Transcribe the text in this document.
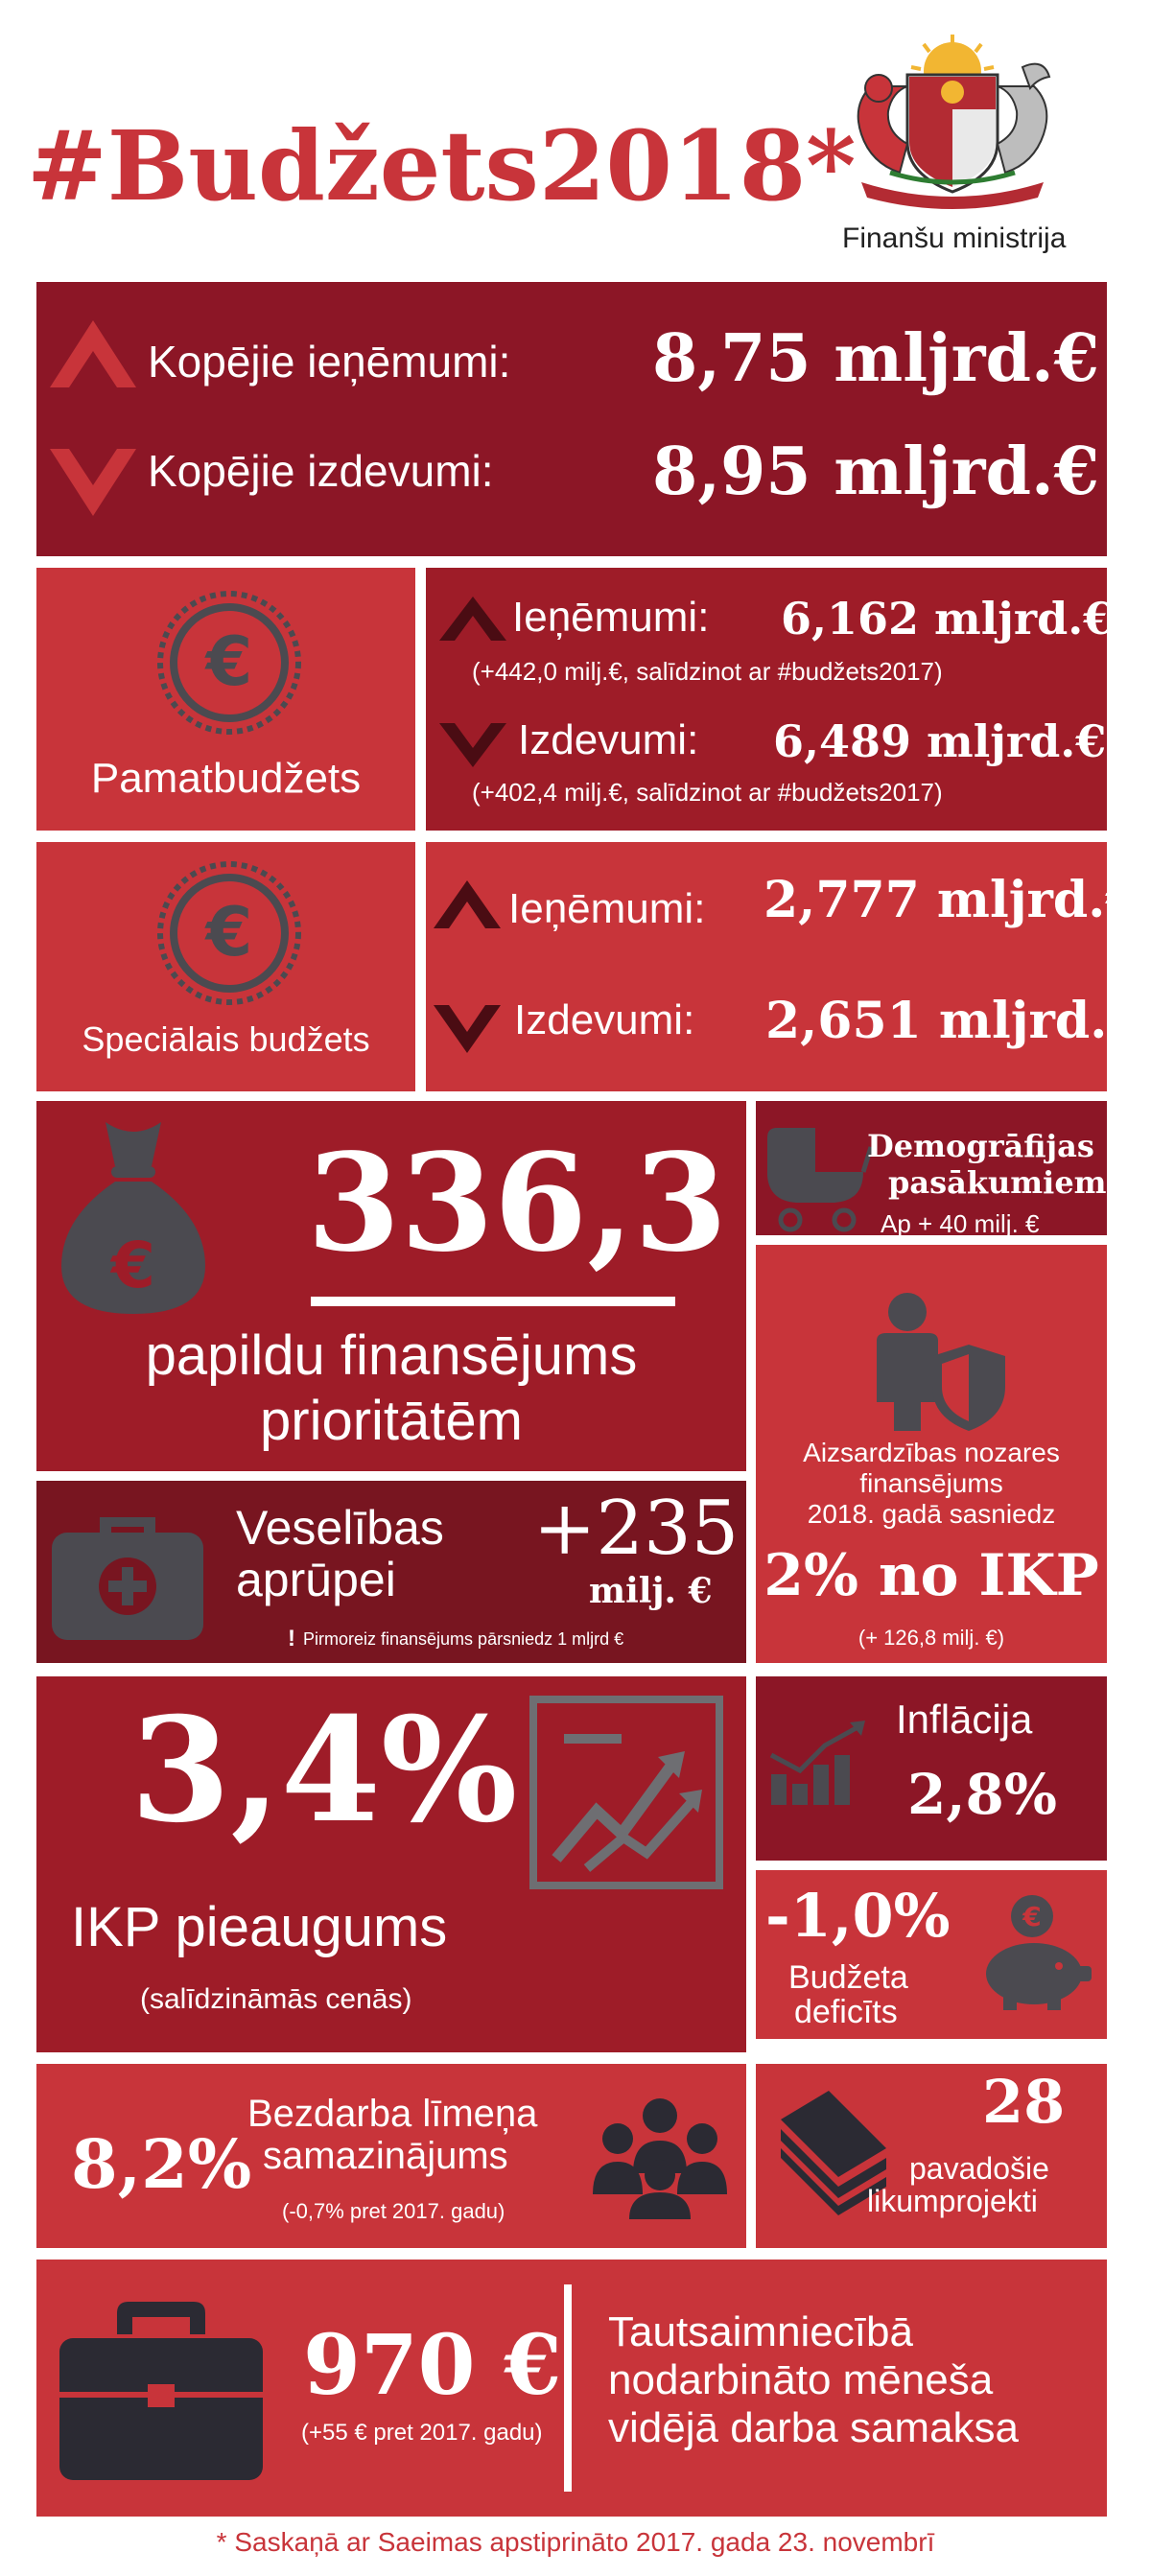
#Budžets2018*
Finanšu ministrija
Kopējie ieņēmumi: 8,75 mljrd.€
Kopējie izdevumi: 8,95 mljrd.€
€
Pamatbudžets
Ieņēmumi: 6,162 mljrd.€
(+442,0 milj.€, salīdzinot ar #budžets2017)
Izdevumi: 6,489 mljrd.€
(+402,4 milj.€, salīdzinot ar #budžets2017)
€
Speciālais budžets
Ieņēmumi: 2,777 mljrd.€
Izdevumi: 2,651 mljrd.€
€ 336,3
papildu finansējums
prioritātēm
Demogrāfijas
pasākumiem
Ap + 40 milj. €
Aizsardzības nozares
finansējums
2018. gadā sasniedz
2% no IKP
(+ 126,8 milj. €)
Veselības
aprūpei
+235
milj. €
! Pirmoreiz finansējums pārsniedz 1 mljrd €
3,4%
IKP pieaugums
(salīdzināmās cenās)
Inflācija
2,8%
-1,0%
Budžeta
deficīts
€
8,2%
Bezdarba līmeņa
samazinājums
(-0,7% pret 2017. gadu)
28
pavadošie
likumprojekti
970 €
(+55 € pret 2017. gadu)
Tautsaimniecībā
nodarbināto mēneša
vidējā darba samaksa
* Saskaņā ar Saeimas apstiprināto 2017. gada 23. novembrī
